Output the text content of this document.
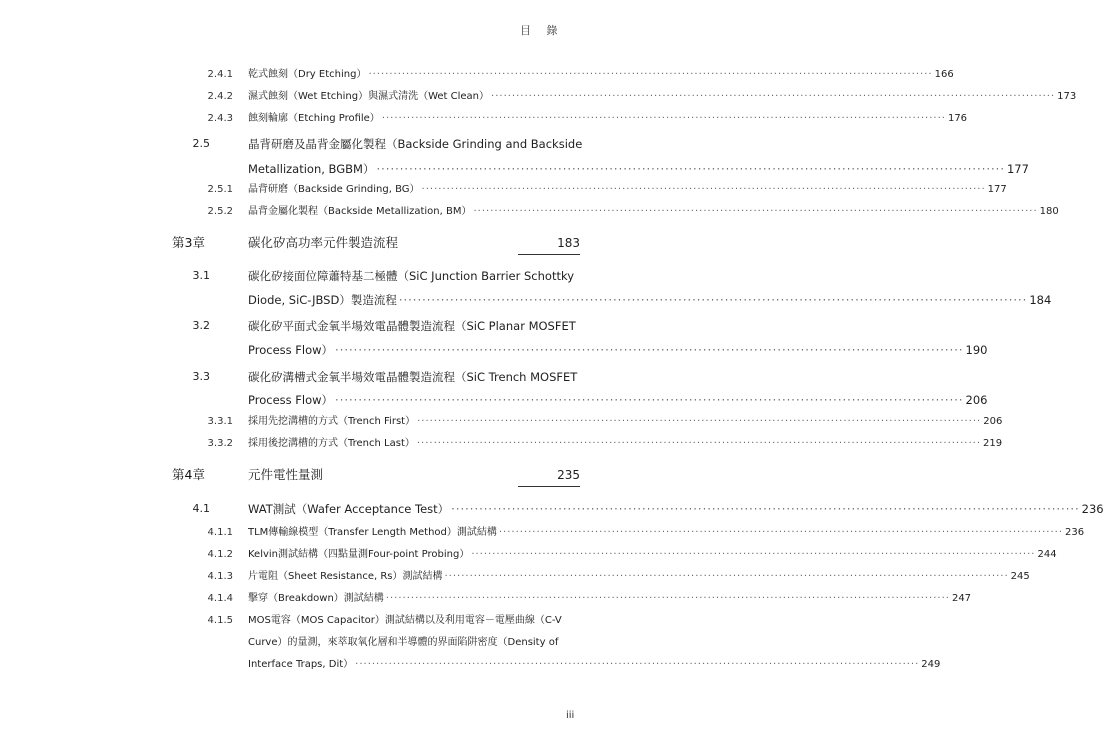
目 錄
2.4.1 乾式蝕刻（Dry Etching） ······································································································································· 166
2.4.2 濕式蝕刻（Wet Etching）與濕式清洗（Wet Clean） ······································································································································· 173
2.4.3 蝕刻輪廓（Etching Profile） ······································································································································· 176
2.5	晶背研磨及晶背金屬化製程（Backside Grinding and Backside
Metallization, BGBM） ······································································································································· 177
2.5.1 晶背研磨（Backside Grinding, BG） ······································································································································· 177
2.5.2 晶背金屬化製程（Backside Metallization, BM） ······································································································································· 180
第3章	碳化矽高功率元件製造流程	183
3.1	碳化矽接面位障蕭特基二極體（SiC Junction Barrier Schottky
Diode, SiC-JBSD）製造流程 ······································································································································· 184
3.2	碳化矽平面式金氧半場效電晶體製造流程（SiC Planar MOSFET
Process Flow） ······································································································································· 190
3.3	碳化矽溝槽式金氧半場效電晶體製造流程（SiC Trench MOSFET
Process Flow） ······································································································································· 206
3.3.1 採用先挖溝槽的方式（Trench First） ······································································································································· 206
3.3.2 採用後挖溝槽的方式（Trench Last） ······································································································································· 219
第4章	元件電性量測	235
4.1	WAT測試（Wafer Acceptance Test） ······································································································································· 236
4.1.1 TLM傳輸線模型（Transfer Length Method）測試結構 ······································································································································· 236
4.1.2 Kelvin測試結構（四點量測Four-point Probing） ······································································································································· 244
4.1.3 片電阻（Sheet Resistance, Rs）測試結構 ······································································································································· 245
4.1.4 擊穿（Breakdown）測試結構 ······································································································································· 247
4.1.5 MOS電容（MOS Capacitor）測試結構以及利用電容－電壓曲線（C-V
Curve）的量測，來萃取氧化層和半導體的界面陷阱密度（Density of
Interface Traps, Dit） ······································································································································· 249
iii
